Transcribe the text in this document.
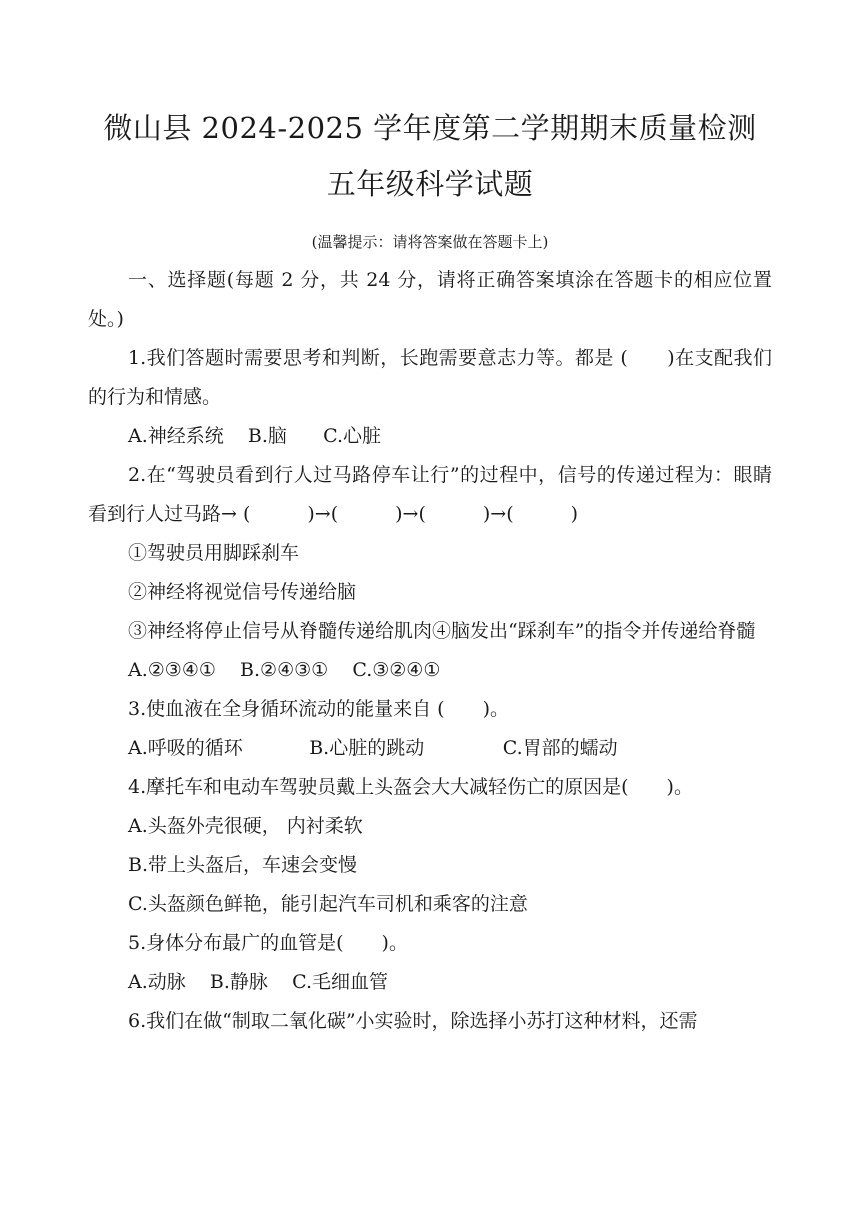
微山县 2024-2025 学年度第二学期期末质量检测
五年级科学试题
(温馨提示：请将答案做在答题卡上)

一、选择题(每题 2 分，共 24 分，请将正确答案填涂在答题卡的相应位置处。)

1.我们答题时需要思考和判断，长跑需要意志力等。都是 (　　)在支配我们的行为和情感。

A.神经系统    B.脑      C.心脏

2.在“驾驶员看到行人过马路停车让行”的过程中，信号的传递过程为：眼睛看到行人过马路→ (　　　)→(　　　)→(　　　)→(　　　)

①驾驶员用脚踩刹车

②神经将视觉信号传递给脑

③神经将停止信号从脊髓传递给肌肉④脑发出“踩刹车”的指令并传递给脊髓

A.②③④①    B.②④③①    C.③②④①

3.使血液在全身循环流动的能量来自 (　　)。

A.呼吸的循环           B.心脏的跳动             C.胃部的蠕动

4.摩托车和电动车驾驶员戴上头盔会大大减轻伤亡的原因是(　　)。

A.头盔外壳很硬， 内衬柔软

B.带上头盔后，车速会变慢

C.头盔颜色鲜艳，能引起汽车司机和乘客的注意

5.身体分布最广的血管是(　　)。

A.动脉    B.静脉    C.毛细血管

6.我们在做“制取二氧化碳”小实验时，除选择小苏打这种材料，还需
